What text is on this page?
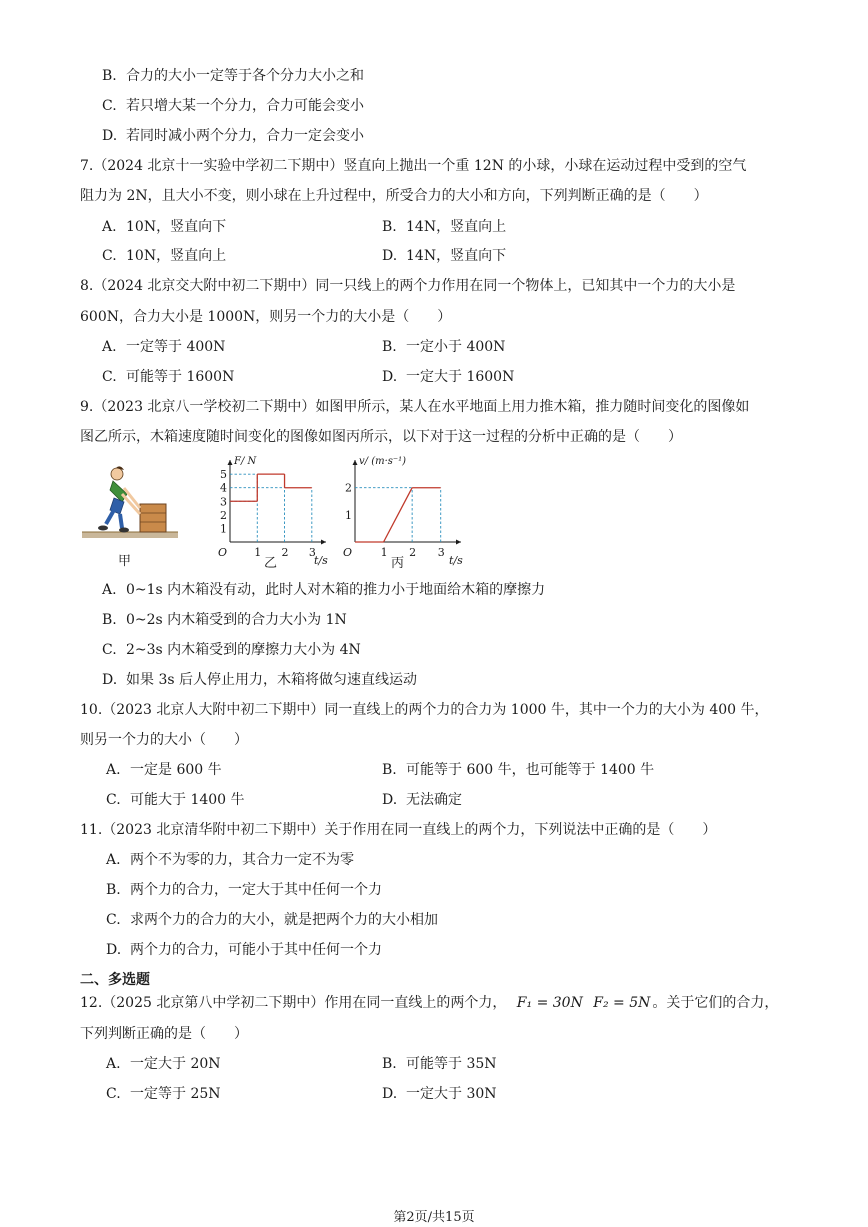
B. 合力的大小一定等于各个分力大小之和
C. 若只增大某一个分力，合力可能会变小
D. 若同时减小两个分力，合力一定会变小
7.（2024 北京十一实验中学初二下期中）竖直向上抛出一个重 12N 的小球，小球在运动过程中受到的空气
阻力为 2N，且大小不变，则小球在上升过程中，所受合力的大小和方向，下列判断正确的是（　　）
A. 10N，竖直向下	B. 14N，竖直向上
C. 10N，竖直向上	D. 14N，竖直向下
8.（2024 北京交大附中初二下期中）同一只线上的两个力作用在同一个物体上，已知其中一个力的大小是
600N，合力大小是 1000N，则另一个力的大小是（　　）
A. 一定等于 400N	B. 一定小于 400N
C. 可能等于 1600N	D. 一定大于 1600N
9.（2023 北京八一学校初二下期中）如图甲所示，某人在水平地面上用力推木箱，推力随时间变化的图像如
图乙所示，木箱速度随时间变化的图像如图丙所示，以下对于这一过程的分析中正确的是（　　）
甲
O
t/s
F/ N
1 2 3
1
2
3
4
5
乙
O
t/s
v/ (m·s⁻¹)
1 2 3
1
2
丙
A. 0~1s 内木箱没有动，此时人对木箱的推力小于地面给木箱的摩擦力
B. 0~2s 内木箱受到的合力大小为 1N
C. 2~3s 内木箱受到的摩擦力大小为 4N
D. 如果 3s 后人停止用力，木箱将做匀速直线运动
10.（2023 北京人大附中初二下期中）同一直线上的两个力的合力为 1000 牛，其中一个力的大小为 400 牛，
则另一个力的大小（　　）
A. 一定是 600 牛	B. 可能等于 600 牛，也可能等于 1400 牛
C. 可能大于 1400 牛	D. 无法确定
11.（2023 北京清华附中初二下期中）关于作用在同一直线上的两个力，下列说法中正确的是（　　）
A. 两个不为零的力，其合力一定不为零
B. 两个力的合力，一定大于其中任何一个力
C. 求两个力的合力的大小，就是把两个力的大小相加
D. 两个力的合力，可能小于其中任何一个力
二、多选题
12.（2025 北京第八中学初二下期中）作用在同一直线上的两个力， F₁ = 30N F₂ = 5N 。关于它们的合力，
下列判断正确的是（　　）
A. 一定大于 20N	B. 可能等于 35N
C. 一定等于 25N	D. 一定大于 30N
第2页/共15页
